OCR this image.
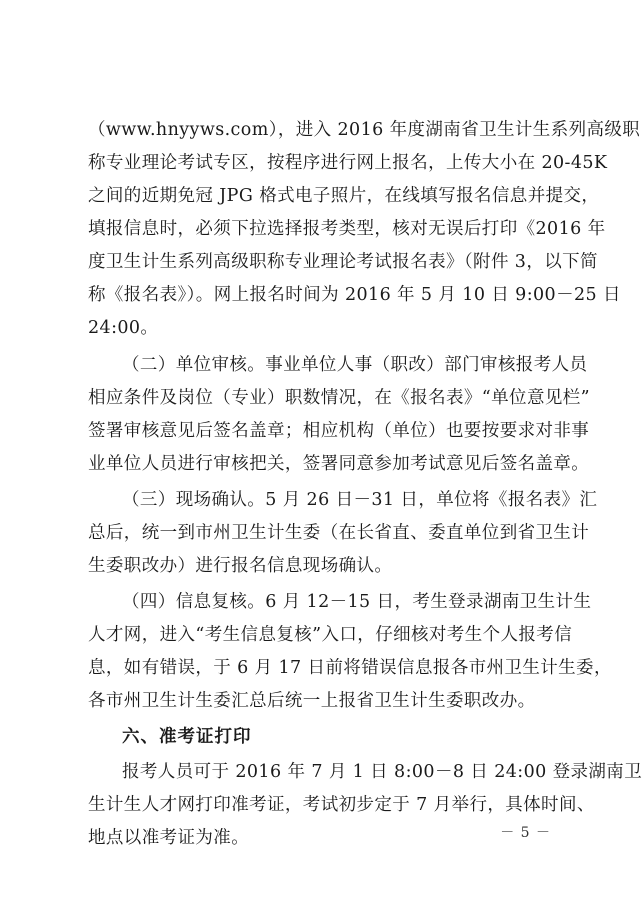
（www.hnyyws.com），进入 2016 年度湖南省卫生计生系列高级职
称专业理论考试专区，按程序进行网上报名，上传大小在 20-45K
之间的近期免冠 JPG 格式电子照片，在线填写报名信息并提交，
填报信息时，必须下拉选择报考类型，核对无误后打印《2016 年
度卫生计生系列高级职称专业理论考试报名表》（附件 3，以下简
称《报名表》）。网上报名时间为 2016 年 5 月 10 日 9:00－25 日
24:00。
（二）单位审核。事业单位人事（职改）部门审核报考人员
相应条件及岗位（专业）职数情况，在《报名表》“单位意见栏”
签署审核意见后签名盖章；相应机构（单位）也要按要求对非事
业单位人员进行审核把关，签署同意参加考试意见后签名盖章。
（三）现场确认。5 月 26 日－31 日，单位将《报名表》汇
总后，统一到市州卫生计生委（在长省直、委直单位到省卫生计
生委职改办）进行报名信息现场确认。
（四）信息复核。6 月 12－15 日，考生登录湖南卫生计生
人才网，进入“考生信息复核”入口，仔细核对考生个人报考信
息，如有错误，于 6 月 17 日前将错误信息报各市州卫生计生委，
各市州卫生计生委汇总后统一上报省卫生计生委职改办。
六、准考证打印
报考人员可于 2016 年 7 月 1 日 8:00－8 日 24:00 登录湖南卫
生计生人才网打印准考证，考试初步定于 7 月举行，具体时间、
地点以准考证为准。	－ 5 －
